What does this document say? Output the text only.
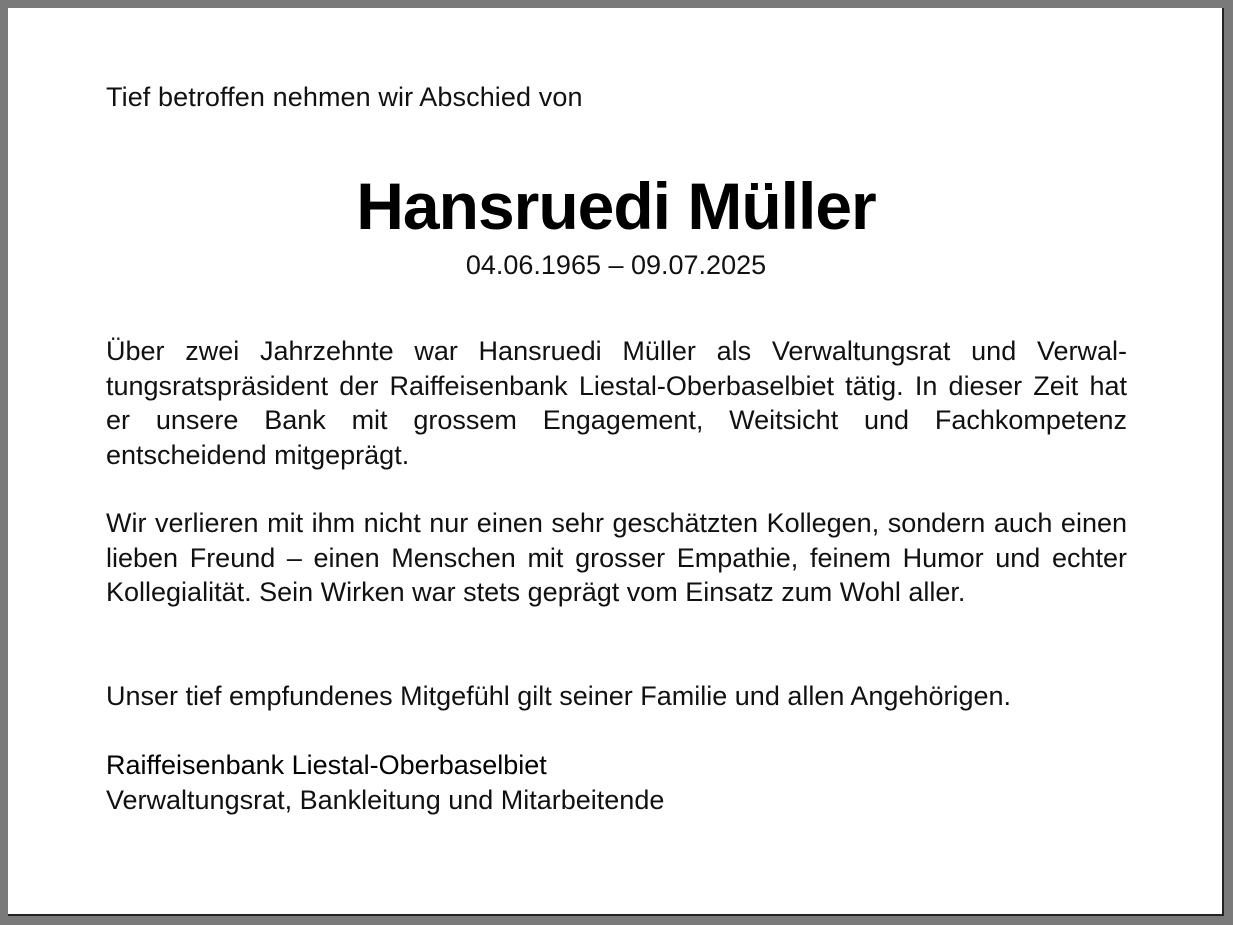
Tief betroffen nehmen wir Abschied von
Hansruedi Müller
04.06.1965 – 09.07.2025
Über zwei Jahrzehnte war Hansruedi Müller als Verwaltungsrat und Verwaltungsratspräsident der Raiffeisenbank Liestal-Oberbaselbiet tätig. In dieser Zeit hat er unsere Bank mit grossem Engagement, Weitsicht und Fachkompetenz entscheidend mitgeprägt.
Wir verlieren mit ihm nicht nur einen sehr geschätzten Kollegen, sondern auch einen lieben Freund – einen Menschen mit grosser Empathie, feinem Humor und echter Kollegialität. Sein Wirken war stets geprägt vom Einsatz zum Wohl aller.
Unser tief empfundenes Mitgefühl gilt seiner Familie und allen Angehörigen.
Raiffeisenbank Liestal-Oberbaselbiet
Verwaltungsrat, Bankleitung und Mitarbeitende
